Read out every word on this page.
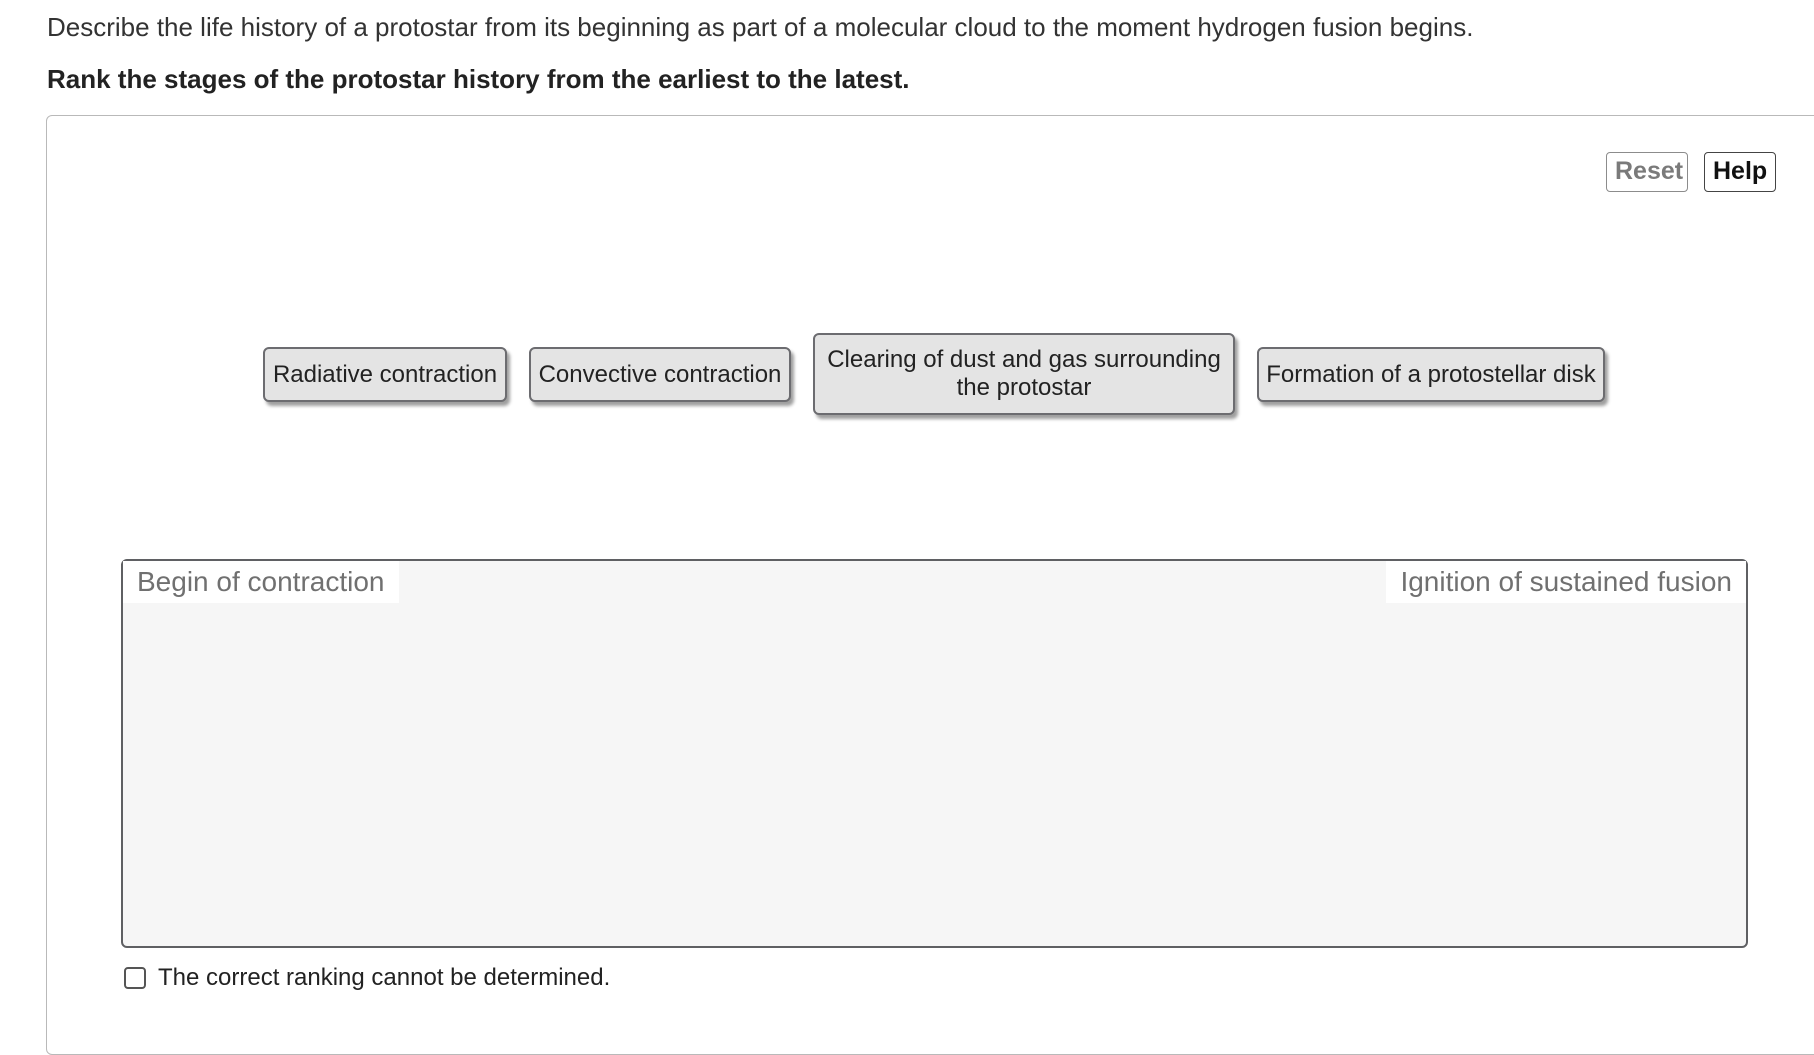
Describe the life history of a protostar from its beginning as part of a molecular cloud to the moment hydrogen fusion begins.
Rank the stages of the protostar history from the earliest to the latest.
Reset	Help
Radiative contraction Convective contraction
Clearing of dust and gas surrounding the protostar	Formation of a protostellar disk
Begin of contraction	Ignition of sustained fusion
The correct ranking cannot be determined.
